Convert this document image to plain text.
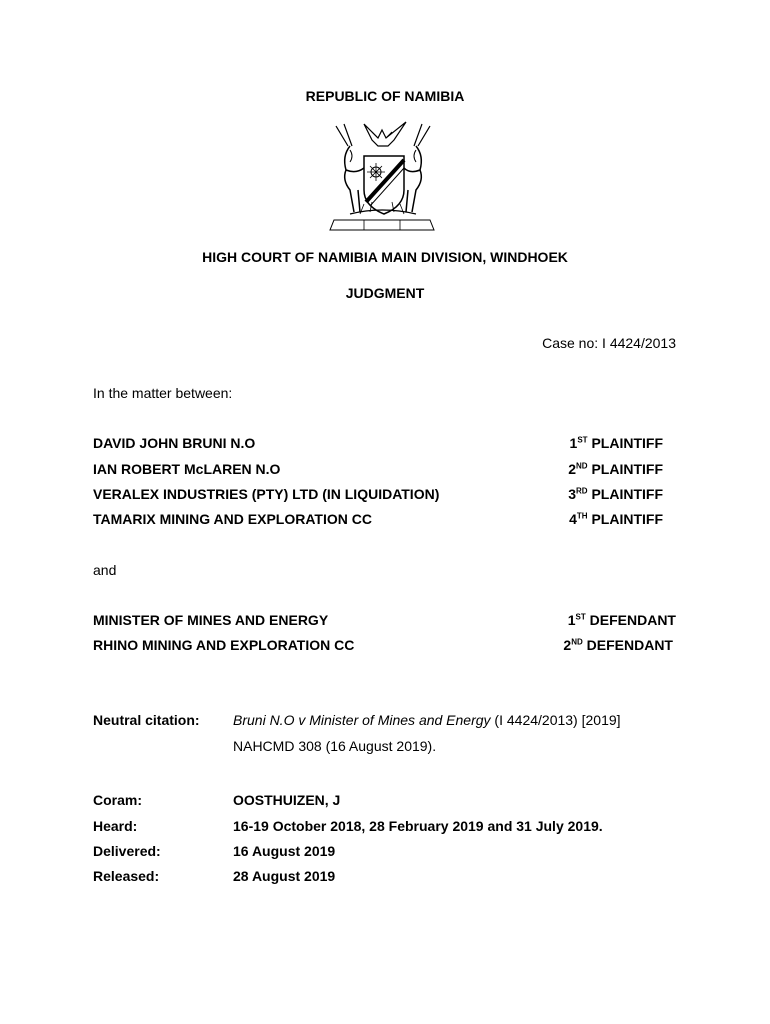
REPUBLIC OF NAMIBIA
HIGH COURT OF NAMIBIA MAIN DIVISION, WINDHOEK
JUDGMENT
Case no: I 4424/2013
In the matter between:
DAVID JOHN BRUNI N.O	1ST PLAINTIFF
IAN ROBERT McLAREN N.O	2ND PLAINTIFF
VERALEX INDUSTRIES (PTY) LTD (IN LIQUIDATION)	3RD PLAINTIFF
TAMARIX MINING AND EXPLORATION CC	4TH PLAINTIFF
and
MINISTER OF MINES AND ENERGY	1ST DEFENDANT
RHINO MINING AND EXPLORATION CC	2ND DEFENDANT
Neutral citation: Bruni N.O v Minister of Mines and Energy (I 4424/2013) [2019]
NAHCMD 308 (16 August 2019).
Coram:	OOSTHUIZEN, J
Heard:	16-19 October 2018, 28 February 2019 and 31 July 2019.
Delivered:	16 August 2019
Released:	28 August 2019
